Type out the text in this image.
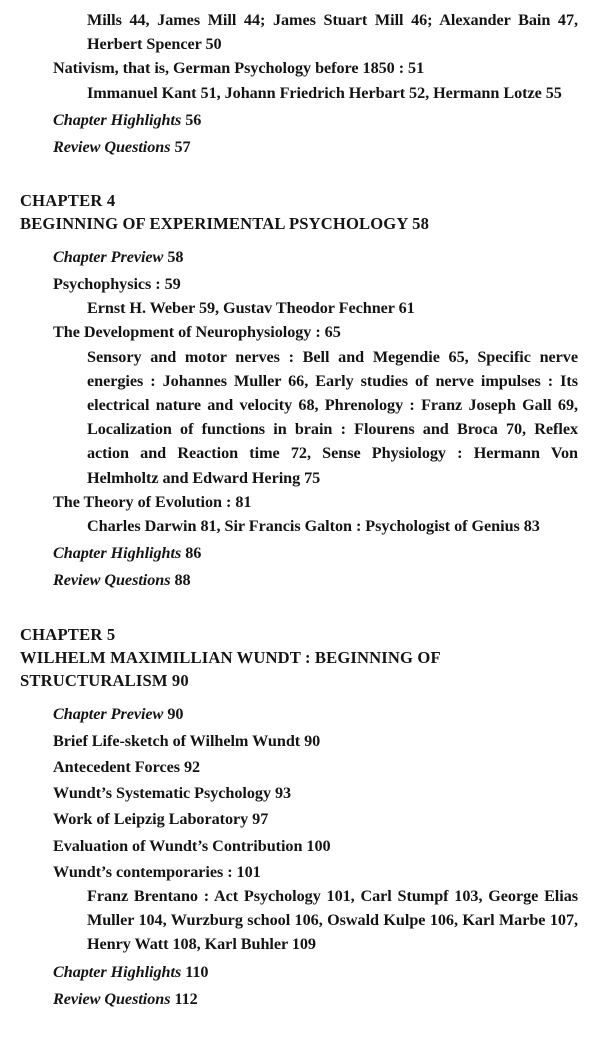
Mills 44, James Mill 44; James Stuart Mill 46; Alexander Bain 47, Herbert Spencer 50

Nativism, that is, German Psychology before 1850 : 51

Immanuel Kant 51, Johann Friedrich Herbart 52, Hermann Lotze 55

Chapter Highlights 56

Review Questions 57

CHAPTER 4

BEGINNING OF EXPERIMENTAL PSYCHOLOGY 58

Chapter Preview 58

Psychophysics : 59

Ernst H. Weber 59, Gustav Theodor Fechner 61

The Development of Neurophysiology : 65

Sensory and motor nerves : Bell and Megendie 65, Specific nerve energies : Johannes Muller 66, Early studies of nerve impulses : Its electrical nature and velocity 68, Phrenology : Franz Joseph Gall 69, Localization of functions in brain : Flourens and Broca 70, Reflex action and Reaction time 72, Sense Physiology : Hermann Von Helmholtz and Edward Hering 75

The Theory of Evolution : 81

Charles Darwin 81, Sir Francis Galton : Psychologist of Genius 83

Chapter Highlights 86

Review Questions 88

CHAPTER 5

WILHELM MAXIMILLIAN WUNDT : BEGINNING OF

STRUCTURALISM 90

Chapter Preview 90

Brief Life-sketch of Wilhelm Wundt 90

Antecedent Forces 92

Wundt’s Systematic Psychology 93

Work of Leipzig Laboratory 97

Evaluation of Wundt’s Contribution 100

Wundt’s contemporaries : 101

Franz Brentano : Act Psychology 101, Carl Stumpf 103, George Elias Muller 104, Wurzburg school 106, Oswald Kulpe 106, Karl Marbe 107, Henry Watt 108, Karl Buhler 109

Chapter Highlights 110

Review Questions 112
